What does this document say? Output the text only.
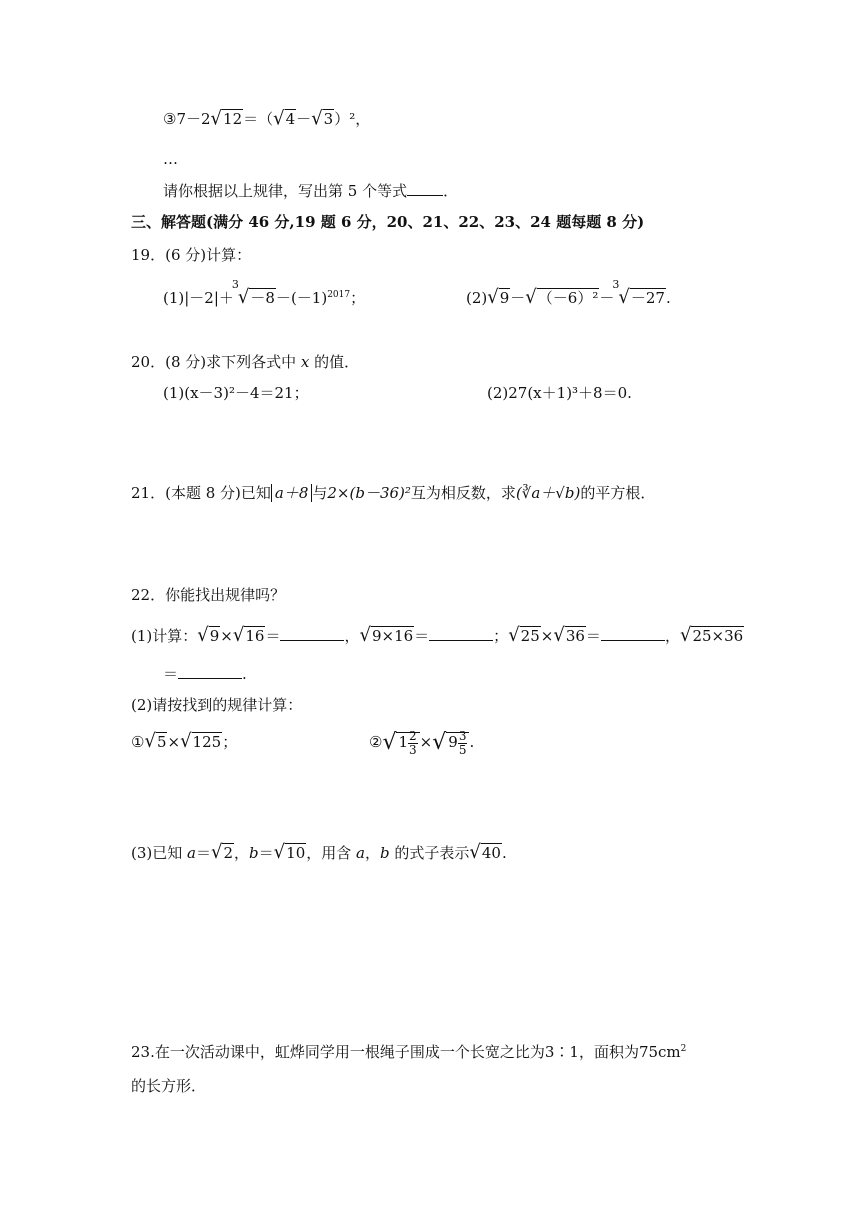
③7－2 √ 12 ＝（ √ 4 － √ 3 ）²，
…
请你根据以上规律，写出第 5 个等式 ．
三、解答题(满分 46 分,19 题 6 分，20、21、22、23、24 题每题 8 分)
19．(6 分)计算：
(1)|－2|＋
3
√ $-8 -(-1)^{2017}$；	(2) √ 9 － √ （－6）² －
3
√ －27 .
20．(8 分)求下列各式中 x 的值．
(1)(x－3)²－4＝21；	(2)27(x＋1)³＋8＝0.
21．(本题 8 分)已知 a＋8 与2×(b－36)²互为相反数，求(∛a＋√b)的平方根．
22．你能找出规律吗？
(1)计算： √ 9 × √ 16 ＝	， √ 9×16 ＝	； √ 25 × √ 36 ＝	， √ 25×36
＝	.
(2)请按找到的规律计算：
① √ 5 × √ 125 ；	②√ $1 \frac{2}{3}$ ×√ $9 \frac{3}{5}$ .
(3)已知 a＝ √ 2 ，b＝ √ 10 ，用含 a，b 的式子表示 √ 40 .
23.在一次活动课中，虹烨同学用一根绳子围成一个长宽之比为3∶1，面积为$75cm^2$
的长方形．
